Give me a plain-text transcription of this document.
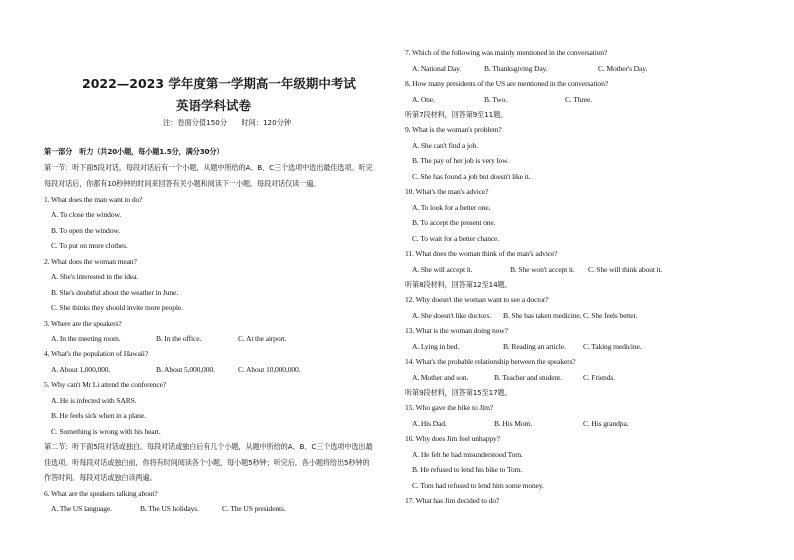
2022—2023 学年度第一学期高一年级期中考试
英语学科试卷
注：卷面分值150分　　时间：120分钟
第一部分　听力（共20小题，每小题1.5分，满分30分）
第一节：听下面5段对话。每段对话后有一个小题，从题中所给的A、B、C三个选项中选出最佳选项。听完
每段对话后，你都有10秒钟的时间来回答有关小题和阅读下一小题。每段对话仅读一遍。
1. What does the man want to do?
A. To close the window.
B. To open the window.
C. To put on more clothes.
2. What does the woman mean?
A. She's interested in the idea.
B. She's doubtful about the weather in June.
C. She thinks they should invite more people.
3. Where are the speakers?
A. In the meeting room.	B. In the office.	C. At the airport.
4. What's the population of Hawaii?
A. About 1,000,000.	B. About 5,000,000.	C. About 10,000,000.
5. Why can't Mr Li attend the conference?
A. He is infected with SARS.
B. He feels sick when in a plane.
C. Something is wrong with his heart.
第二节：听下面5段对话或独白。每段对话或独白后有几个小题，从题中所给的A、B、C三个选项中选出最
佳选项。听每段对话或独白前，你将有时间阅读各个小题，每小题5秒钟；听完后，各小题将给出5秒钟的
作答时间。每段对话或独白读两遍。
6. What are the speakers talking about?
A. The US language.	B. The US holidays.	C. The US presidents.
7. Which of the following was mainly mentioned in the conversation?
A. National Day.	B. Thanksgiving Day.	C. Mother's Day.
8. How many presidents of the US are mentioned in the conversation?
A. One.	B. Two.	C. Three.
听第7段材料，回答第9至11题。
9. What is the woman's problem?
A. She can't find a job.
B. The pay of her job is very low.
C. She has found a job but doesn't like it.
10. What's the man's advice?
A. To look for a better one.
B. To accept the present one.
C. To wait for a better chance.
11. What does the woman think of the man's advice?
A. She will accept it.	B. She won't accept it. C. She will think about it.
听第8段材料，回答第12至14题。
12. Why doesn't the woman want to see a doctor?
A. She doesn't like doctors. B. She has taken medicine. C. She feels better.
13. What is the woman doing now?
A. Lying in bed.	B. Reading an article. C. Taking medicine.
14. What's the probable relationship between the speakers?
A. Mother and son.	B. Teacher and student.	C. Friends.
听第9段材料，回答第15至17题。
15. Who gave the bike to Jim?
A. His Dad.	B. His Mom.	C. His grandpa.
16. Why does Jim feel unhappy?
A. He felt he had misunderstood Tom.
B. He refused to lend his bike to Tom.
C. Tom had refused to lend him some money.
17. What has Jim decided to do?
